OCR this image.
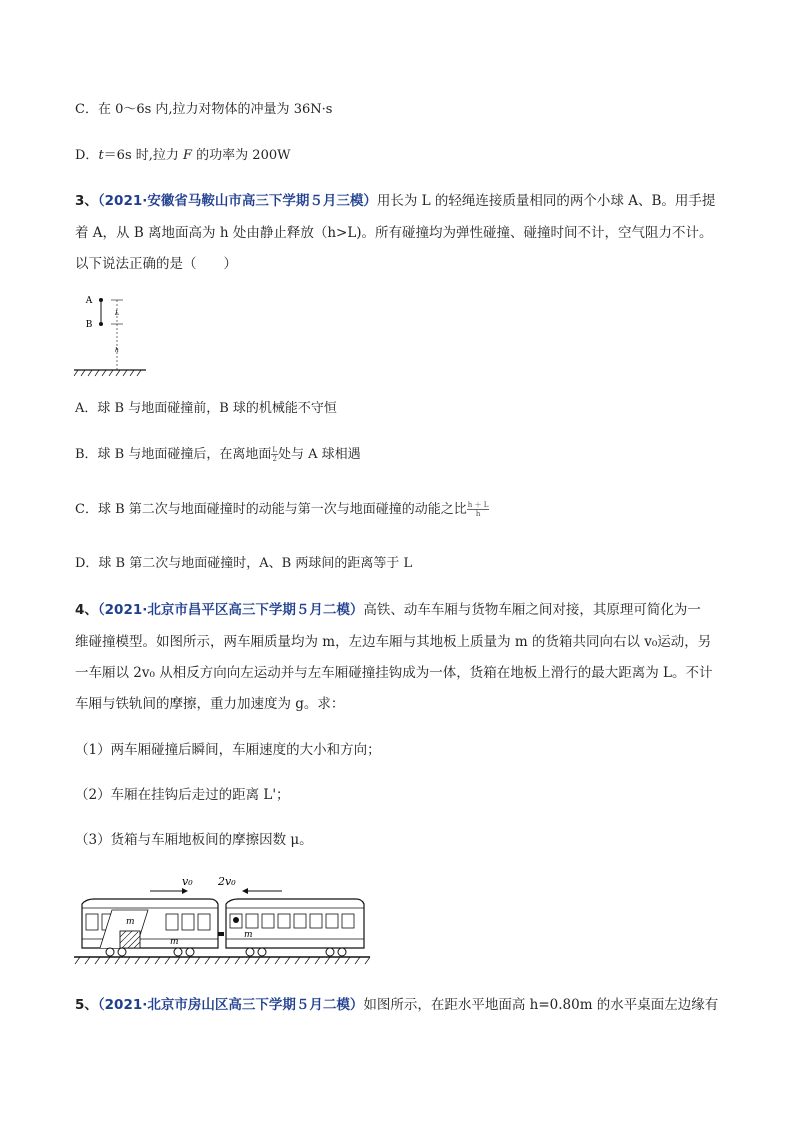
C．在 0～6s 内,拉力对物体的冲量为 36N·s
D．t＝6s 时,拉力 F 的功率为 200W
3、（2021·安徽省马鞍山市高三下学期５月三模）用长为 L 的轻绳连接质量相同的两个小球 A、B。用手提
着 A，从 B 离地面高为 h 处由静止释放（h>L)。所有碰撞均为弹性碰撞、碰撞时间不计，空气阻力不计。
以下说法正确的是（　　）
A
B
L
h
A．球 B 与地面碰撞前，B 球的机械能不守恒
B．球 B 与地面碰撞后，在离地面 $\frac{L}{2}$ 处与 A 球相遇
C．球 B 第二次与地面碰撞时的动能与第一次与地面碰撞的动能之比 $\frac{h + L}{h}$
D．球 B 第二次与地面碰撞时，A、B 两球间的距离等于 L
4、（2021·北京市昌平区高三下学期５月二模）高铁、动车车厢与货物车厢之间对接，其原理可简化为一
维碰撞模型。如图所示，两车厢质量均为 m，左边车厢与其地板上质量为 m 的货箱共同向右以 v₀运动，另
一车厢以 2v₀ 从相反方向向左运动并与左车厢碰撞挂钩成为一体，货箱在地板上滑行的最大距离为 L。不计
车厢与铁轨间的摩擦，重力加速度为 g。求：
（1）两车厢碰撞后瞬间，车厢速度的大小和方向；
（2）车厢在挂钩后走过的距离 L'；
（3）货箱与车厢地板间的摩擦因数 μ。
v₀ 2v₀
m
m
m
5、（2021·北京市房山区高三下学期５月二模）如图所示，在距水平地面高 h=0.80m 的水平桌面左边缘有
